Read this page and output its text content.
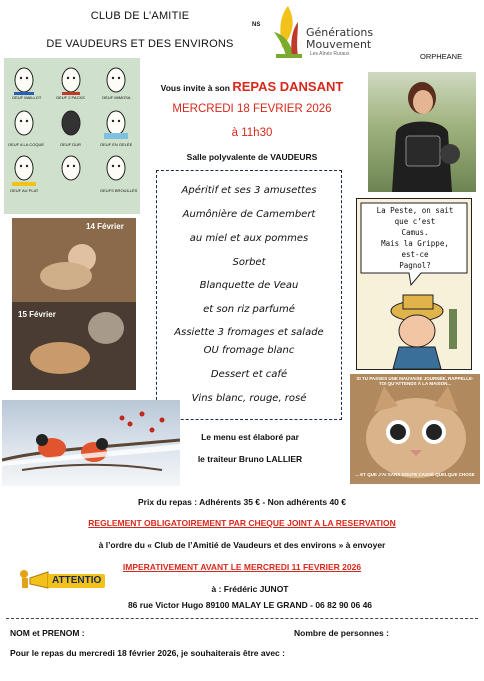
CLUB DE L’AMITIE
DE VAUDEURS ET DES ENVIRONS
NS
Générations
Mouvement
Les Aînés Ruraux	ORPHEANE
OEUF MAILLOT	OEUF 2 PACKS	OEUF MIMOSA
OEUF A LA COQUE	OEUF DUR	OEUF EN GELÉE
OEUF AU PLAT	OEUFS BROUILLÉS
Vous invite à son REPAS DANSANT
MERCREDI 18 FEVRIER 2026
à 11h30
Salle polyvalente de VAUDEURS
14 Février
15 Février
La Peste, on sait
que c’est
Camus.
Mais la Grippe,
est-ce
Pagnol?
Apéritif et ses 3 amusettes
Aumônière de Camembert
au miel et aux pommes
Sorbet
Blanquette de Veau
et son riz parfumé
Assiette 3 fromages et salade
OU fromage blanc
Dessert et café
Vins blanc, rouge, rosé
Le menu est élaboré par
le traiteur Bruno LALLIER
SI TU PASSES UNE MAUVAISE JOURNÉE, RAPPELLE-TOI QU’ATTENDS À LA MAISON...
... ET QUE J’AI SANS DOUTE CASSÉ QUELQUE CHOSE
Prix du repas : Adhérents 35 € - Non adhérents 40 €
REGLEMENT OBLIGATOIREMENT PAR CHEQUE JOINT A LA RESERVATION
à l’ordre du « Club de l’Amitié de Vaudeurs et des environs » à envoyer
IMPERATIVEMENT AVANT LE MERCREDI 11 FEVRIER 2026
ATTENTIO
à : Frédéric JUNOT
86 rue Victor Hugo 89100 MALAY LE GRAND - 06 82 90 06 46
NOM et PRENOM :	Nombre de personnes :
Pour le repas du mercredi 18 février 2026, je souhaiterais être avec :
